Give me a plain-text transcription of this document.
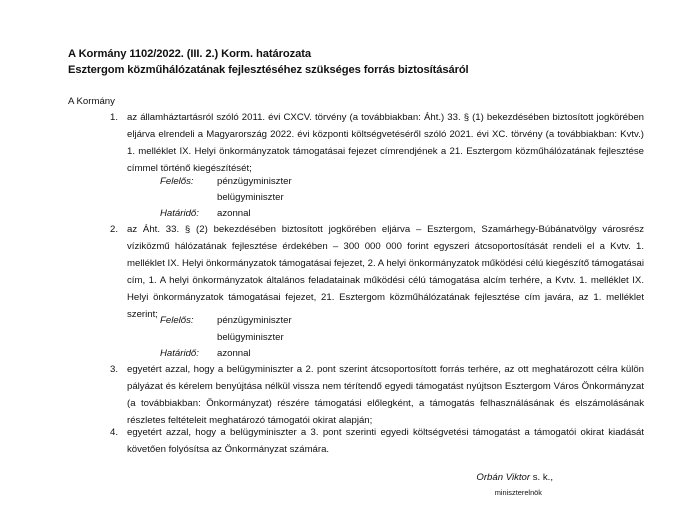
A Kormány 1102/2022. (III. 2.) Korm. határozata
Esztergom közműhálózatának fejlesztéséhez szükséges forrás biztosításáról
A Kormány
1. az államháztartásról szóló 2011. évi CXCV. törvény (a továbbiakban: Áht.) 33. § (1) bekezdésében biztosított jogkörében eljárva elrendeli a Magyarország 2022. évi központi költségvetéséről szóló 2021. évi XC. törvény (a továbbiakban: Kvtv.) 1. melléklet IX. Helyi önkormányzatok támogatásai fejezet címrendjének a 21. Esztergom közműhálózatának fejlesztése címmel történő kiegészítését;
Felelős:	pénzügyminiszter
belügyminiszter
Határidő:	azonnal
2. az Áht. 33. § (2) bekezdésében biztosított jogkörében eljárva – Esztergom, Szamárhegy-Búbánatvölgy városrész víziközmű hálózatának fejlesztése érdekében – 300 000 000 forint egyszeri átcsoportosítását rendeli el a Kvtv. 1. melléklet IX. Helyi önkormányzatok támogatásai fejezet, 2. A helyi önkormányzatok működési célú kiegészítő támogatásai cím, 1. A helyi önkormányzatok általános feladatainak működési célú támogatása alcím terhére, a Kvtv. 1. melléklet IX. Helyi önkormányzatok támogatásai fejezet, 21. Esztergom közműhálózatának fejlesztése cím javára, az 1. melléklet szerint;
Felelős:	pénzügyminiszter
belügyminiszter
Határidő:	azonnal
3. egyetért azzal, hogy a belügyminiszter a 2. pont szerint átcsoportosított forrás terhére, az ott meghatározott célra külön pályázat és kérelem benyújtása nélkül vissza nem térítendő egyedi támogatást nyújtson Esztergom Város Önkormányzat (a továbbiakban: Önkormányzat) részére támogatási előlegként, a támogatás felhasználásának és elszámolásának részletes feltételeit meghatározó támogatói okirat alapján;
4. egyetért azzal, hogy a belügyminiszter a 3. pont szerinti egyedi költségvetési támogatást a támogatói okirat kiadását követően folyósítsa az Önkormányzat számára.
Orbán Viktor s. k.,
miniszterelnök
